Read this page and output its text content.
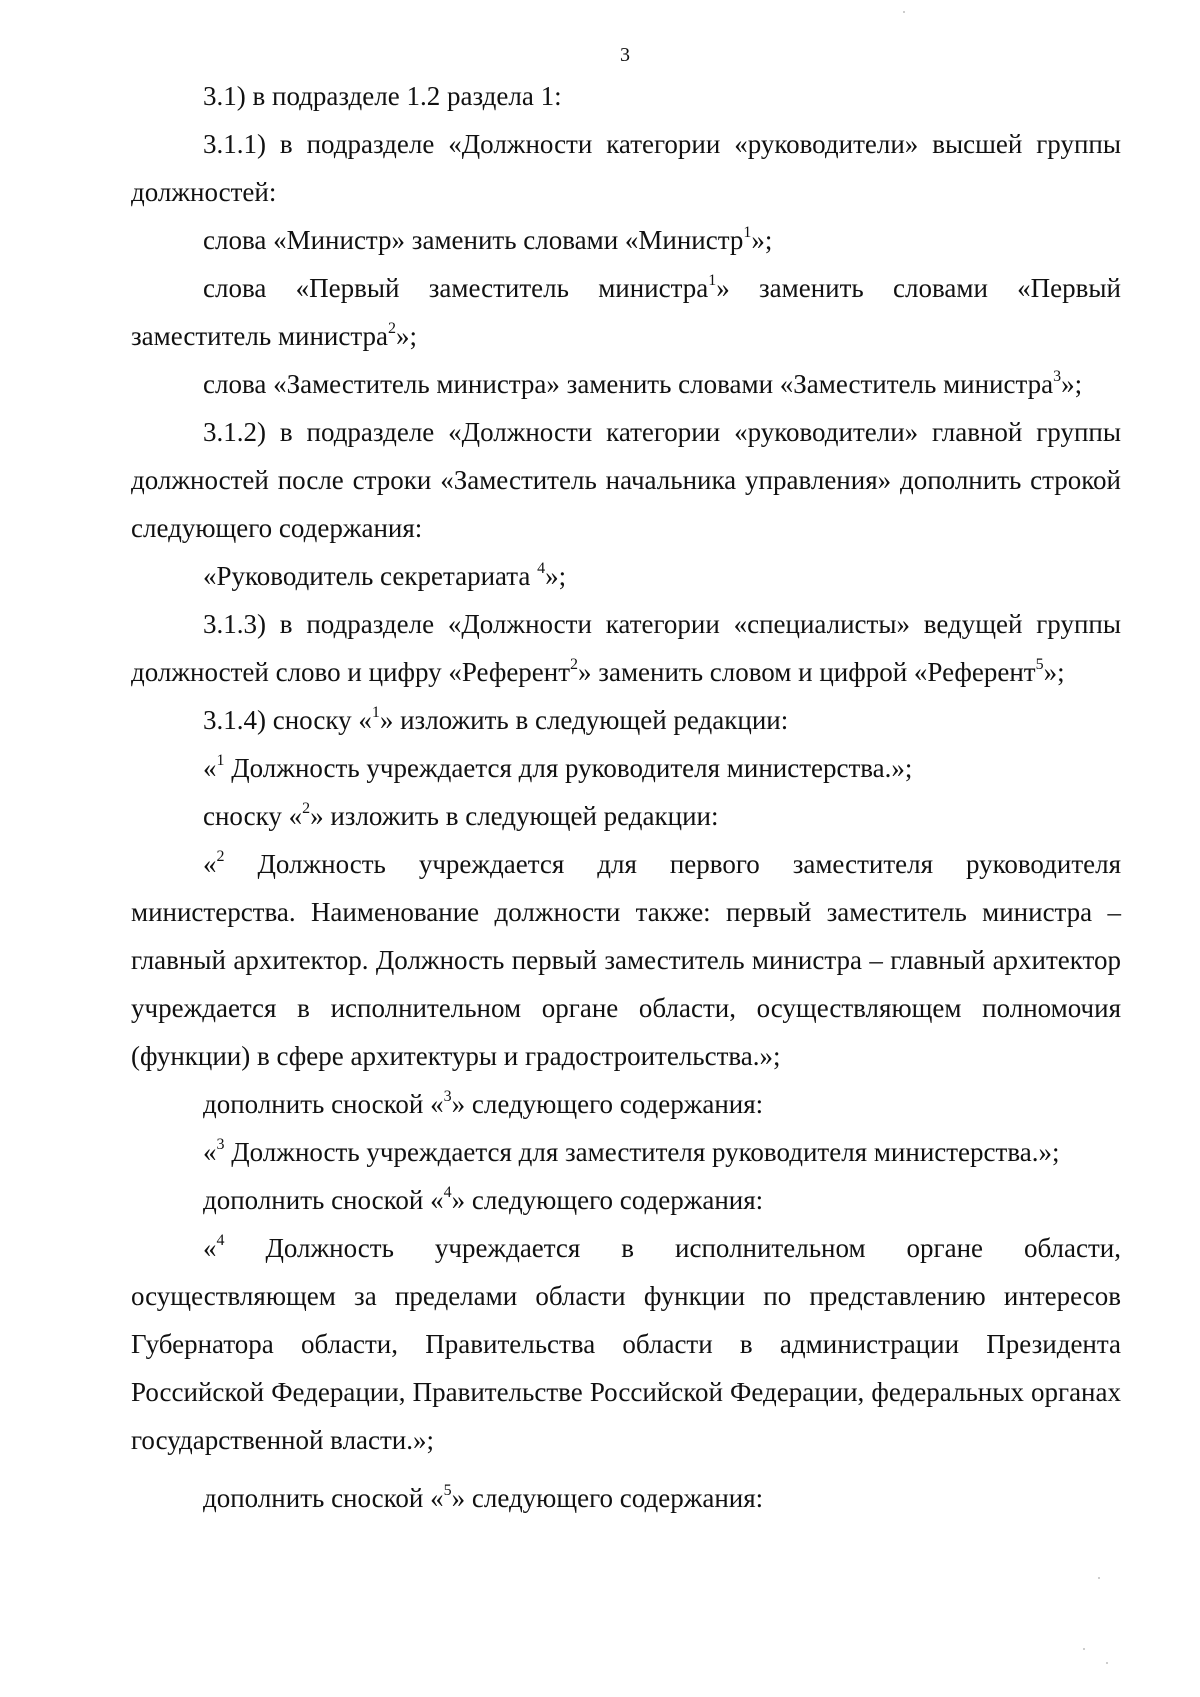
3

3.1) в подразделе 1.2 раздела 1:

3.1.1) в подразделе «Должности категории «руководители» высшей группы должностей:

слова «Министр» заменить словами «Министр$^1$»;

слова «Первый заместитель министра$^1$» заменить словами «Первый заместитель министра$^2$»;

слова «Заместитель министра» заменить словами «Заместитель министра$^3$»;

3.1.2) в подразделе «Должности категории «руководители» главной группы должностей после строки «Заместитель начальника управления» дополнить строкой следующего содержания:

«Руководитель секретариата $^4$»;

3.1.3) в подразделе «Должности категории «специалисты» ведущей группы должностей слово и цифру «Референт$^2$» заменить словом и цифрой «Референт$^5$»;

3.1.4) сноску «$^1$» изложить в следующей редакции:

«$^1$ Должность учреждается для руководителя министерства.»;

сноску «$^2$» изложить в следующей редакции:

«$^2$ Должность учреждается для первого заместителя руководителя министерства. Наименование должности также: первый заместитель министра – главный архитектор. Должность первый заместитель министра – главный архитектор учреждается в исполнительном органе области, осуществляющем полномочия (функции) в сфере архитектуры и градостроительства.»;

дополнить сноской «$^3$» следующего содержания:

«$^3$ Должность учреждается для заместителя руководителя министерства.»;

дополнить сноской «$^4$» следующего содержания:

«$^4$ Должность учреждается в исполнительном органе области, осуществляющем за пределами области функции по представлению интересов Губернатора области, Правительства области в администрации Президента Российской Федерации, Правительстве Российской Федерации, федеральных органах государственной власти.»;

дополнить сноской «$^5$» следующего содержания:
